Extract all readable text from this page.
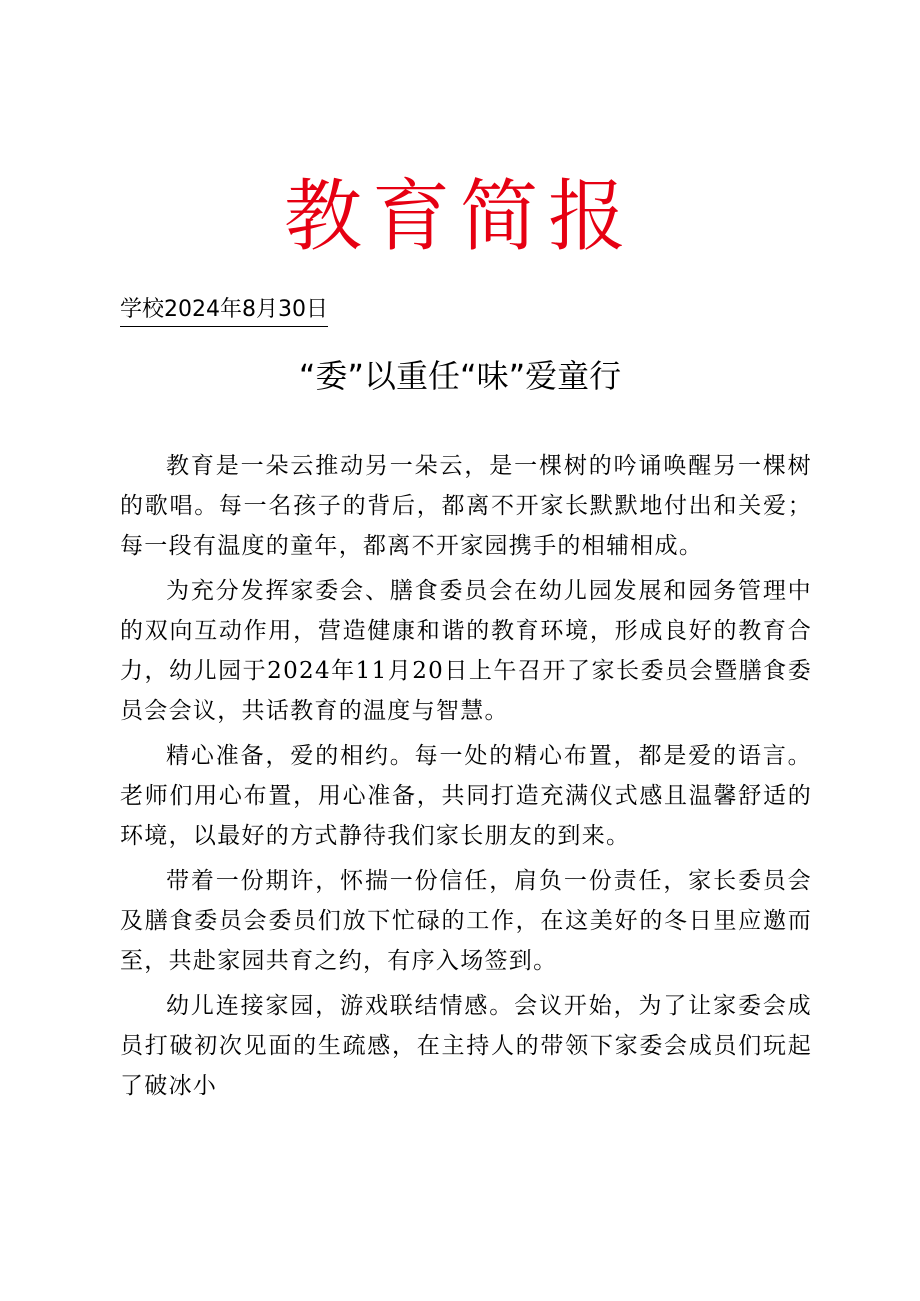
教育简报
学校2024年8月30日
“委”以重任“味”爱童行

教育是一朵云推动另一朵云，是一棵树的吟诵唤醒另一棵树的歌唱。每一名孩子的背后，都离不开家长默默地付出和关爱；每一段有温度的童年，都离不开家园携手的相辅相成。

为充分发挥家委会、膳食委员会在幼儿园发展和园务管理中的双向互动作用，营造健康和谐的教育环境，形成良好的教育合力，幼儿园于2024年11月20日上午召开了家长委员会暨膳食委员会会议，共话教育的温度与智慧。

精心准备，爱的相约。每一处的精心布置，都是爱的语言。老师们用心布置，用心准备，共同打造充满仪式感且温馨舒适的环境，以最好的方式静待我们家长朋友的到来。

带着一份期许，怀揣一份信任，肩负一份责任，家长委员会及膳食委员会委员们放下忙碌的工作，在这美好的冬日里应邀而至，共赴家园共育之约，有序入场签到。

幼儿连接家园，游戏联结情感。会议开始，为了让家委会成员打破初次见面的生疏感，在主持人的带领下家委会成员们玩起了破冰小
